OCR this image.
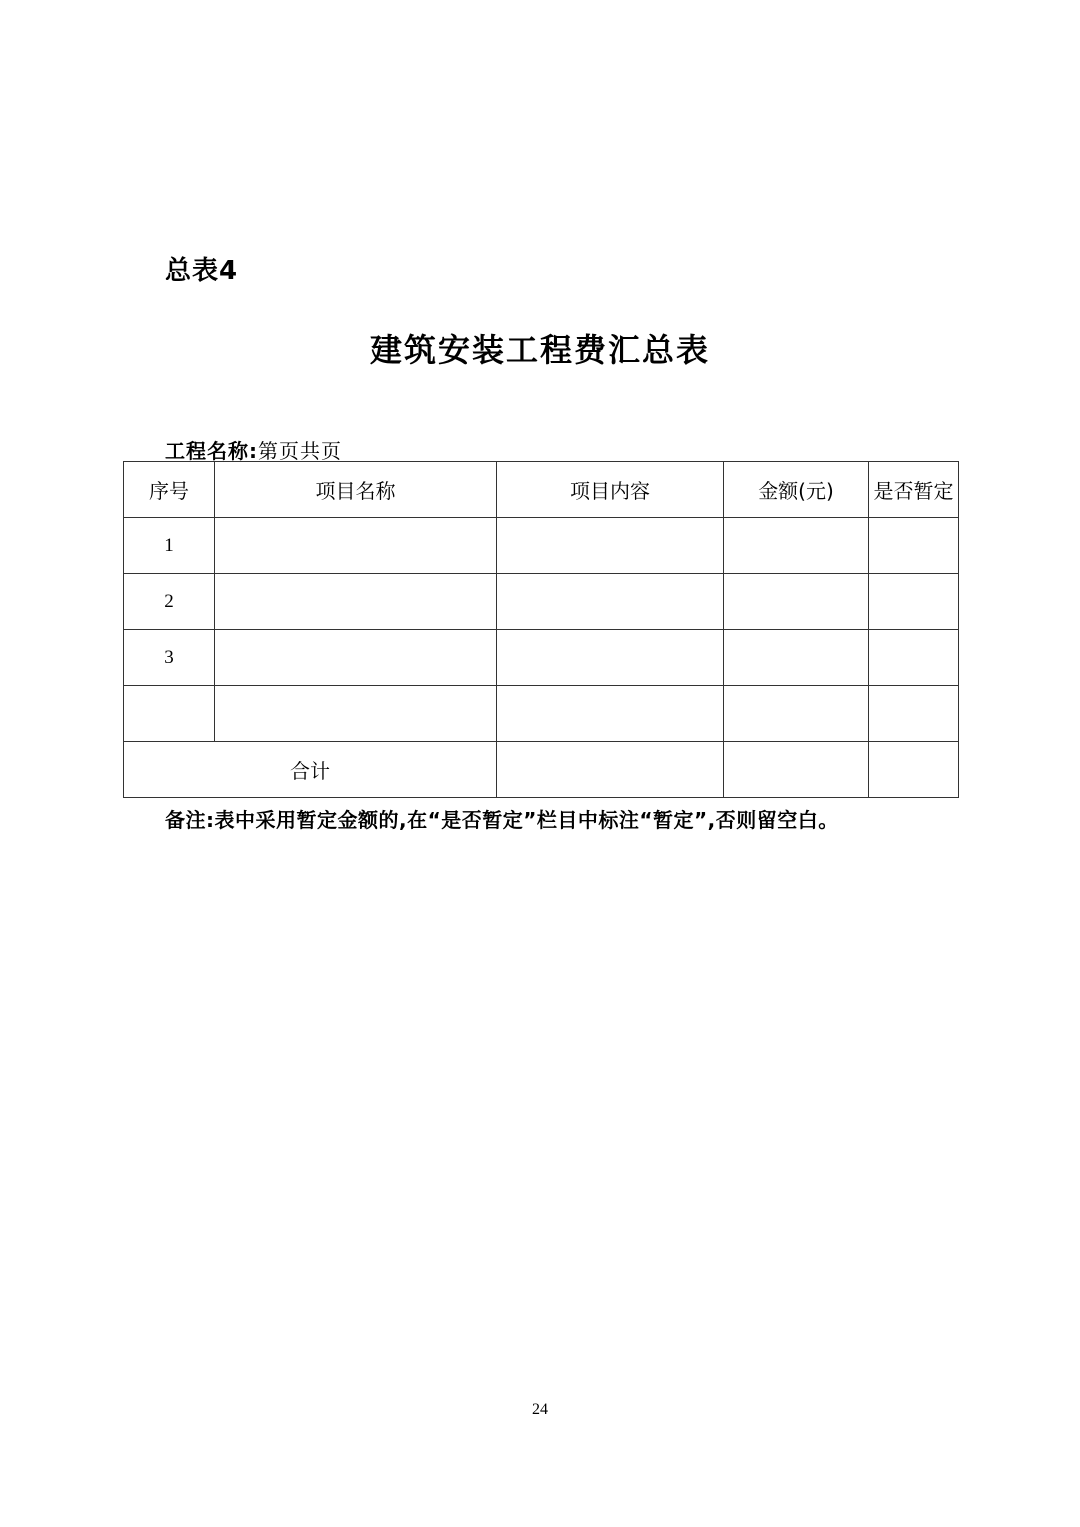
总表4
建筑安装工程费汇总表
工程名称:第页共页
序号	项目名称	项目内容	金额(元)	是否暂定
1				
2				
3				

合计				
备注:表中采用暂定金额的,在“是否暂定”栏目中标注“暂定”,否则留空白。
24
